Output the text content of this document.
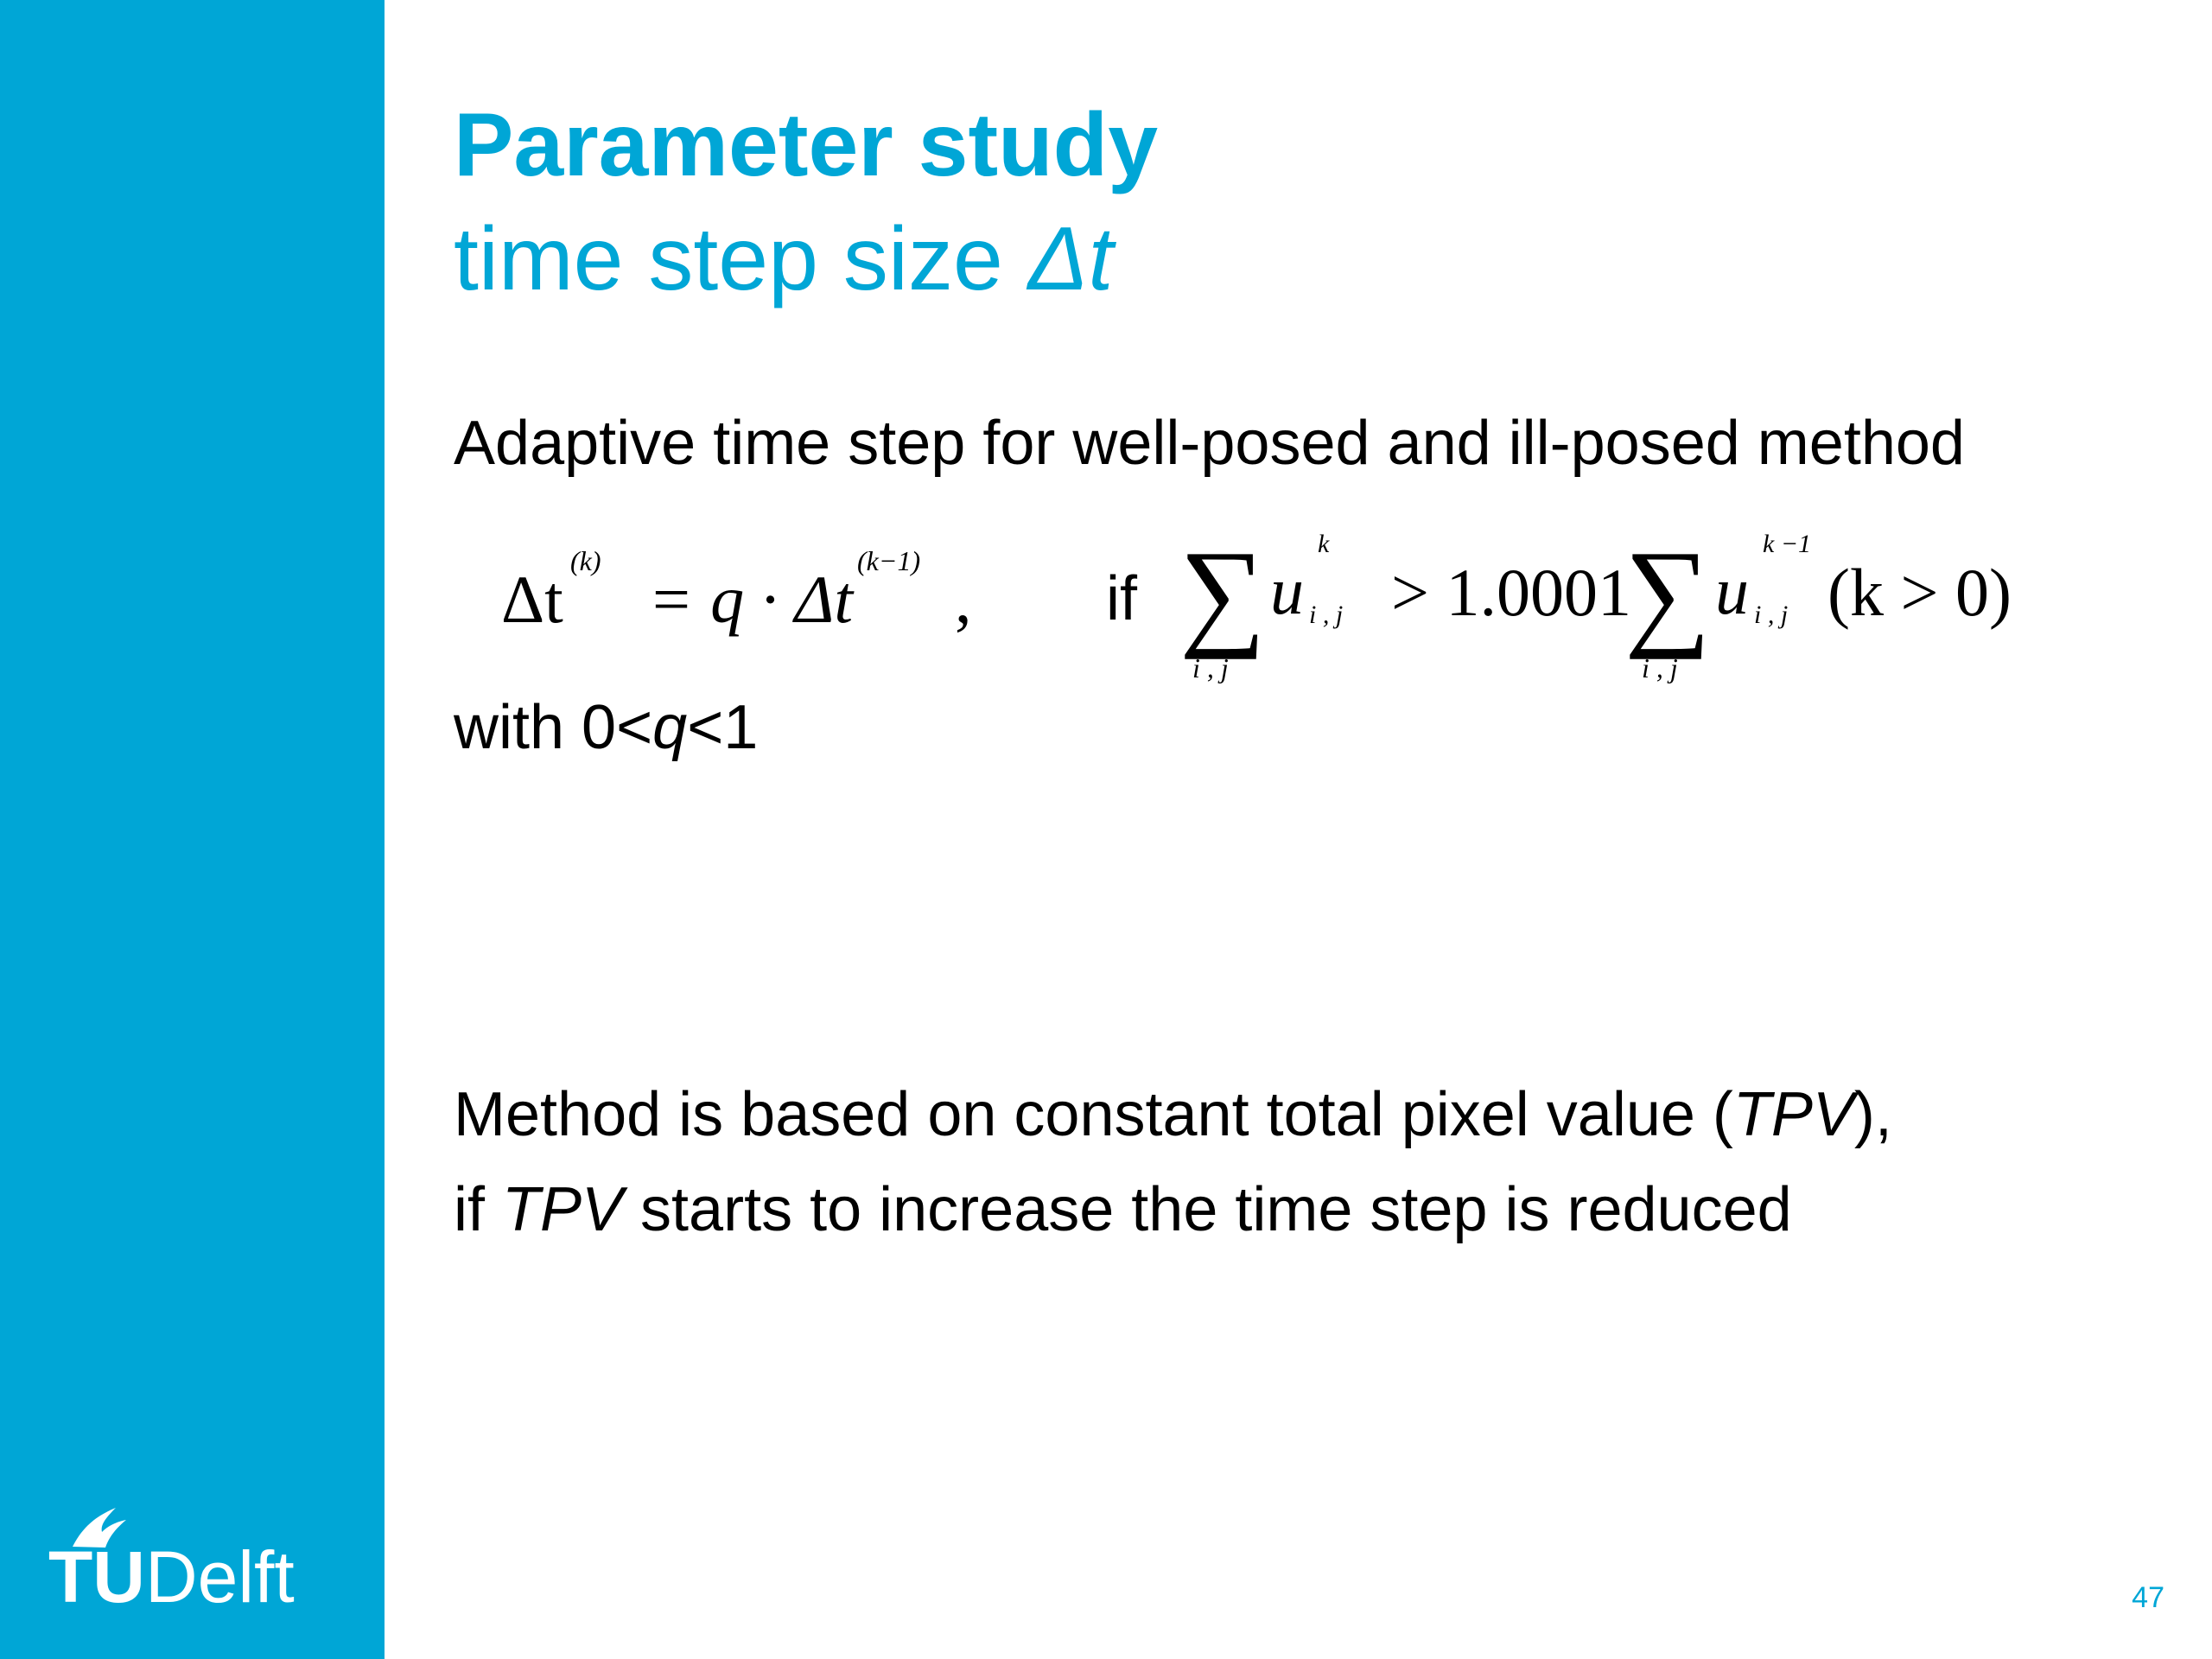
TUDelft
Parameter study
time step size Δt
Adaptive time step for well-posed and ill-posed method
Δt
(k)
= q · Δt
(k−1)
, if ∑
i , j
u
k
i , j > 1.0001
∑
i , j
u
k −1
i , j (k > 0)
with 0<q<1
Method is based on constant total pixel value (TPV),
if TPV starts to increase the time step is reduced
47
